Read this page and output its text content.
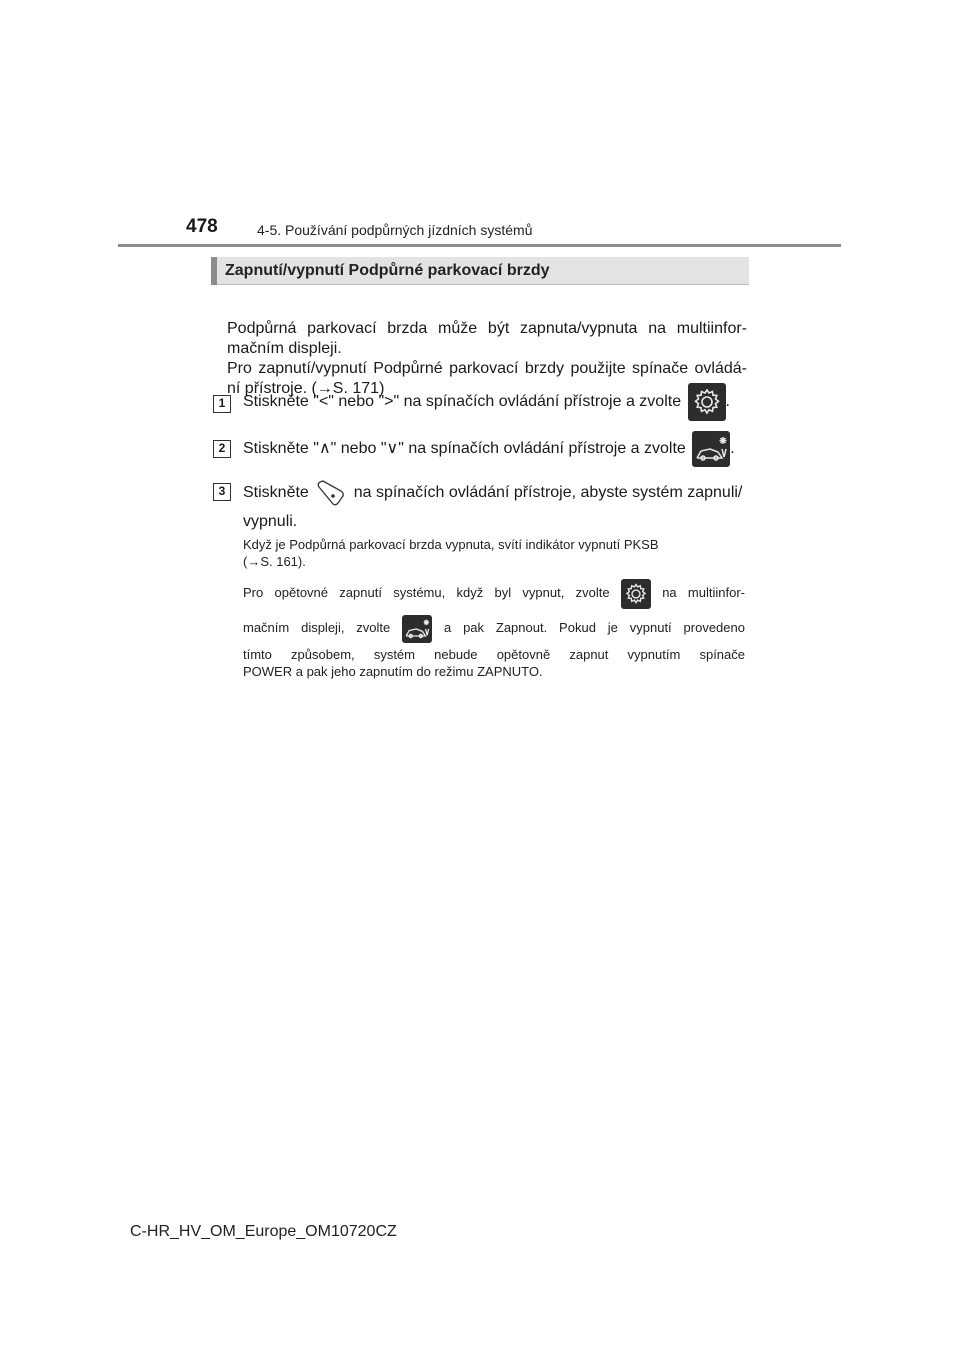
478	4-5. Používání podpůrných jízdních systémů
Zapnutí/vypnutí Podpůrné parkovací brzdy
Podpůrná parkovací brzda může být zapnuta/vypnuta na multiinfor-
mačním displeji.
Pro zapnutí/vypnutí Podpůrné parkovací brzdy použijte spínače ovládá-
ní přístroje. (→S. 171)
1	Stiskněte "<" nebo ">" na spínačích ovládání přístroje a zvolte	.
2	Stiskněte "∧" nebo "∨" na spínačích ovládání přístroje a zvolte	.
3	Stiskněte	na spínačích ovládání přístroje, abyste systém zapnuli/
vypnuli.
Když je Podpůrná parkovací brzda vypnuta, svítí indikátor vypnutí PKSB
(→S. 161).
Pro opětovné zapnutí systému, když byl vypnut, zvolte	na multiinfor-
mačním displeji, zvolte	a pak Zapnout. Pokud je vypnutí provedeno
tímto způsobem, systém nebude opětovně zapnut vypnutím spínače
POWER a pak jeho zapnutím do režimu ZAPNUTO.
C-HR_HV_OM_Europe_OM10720CZ
